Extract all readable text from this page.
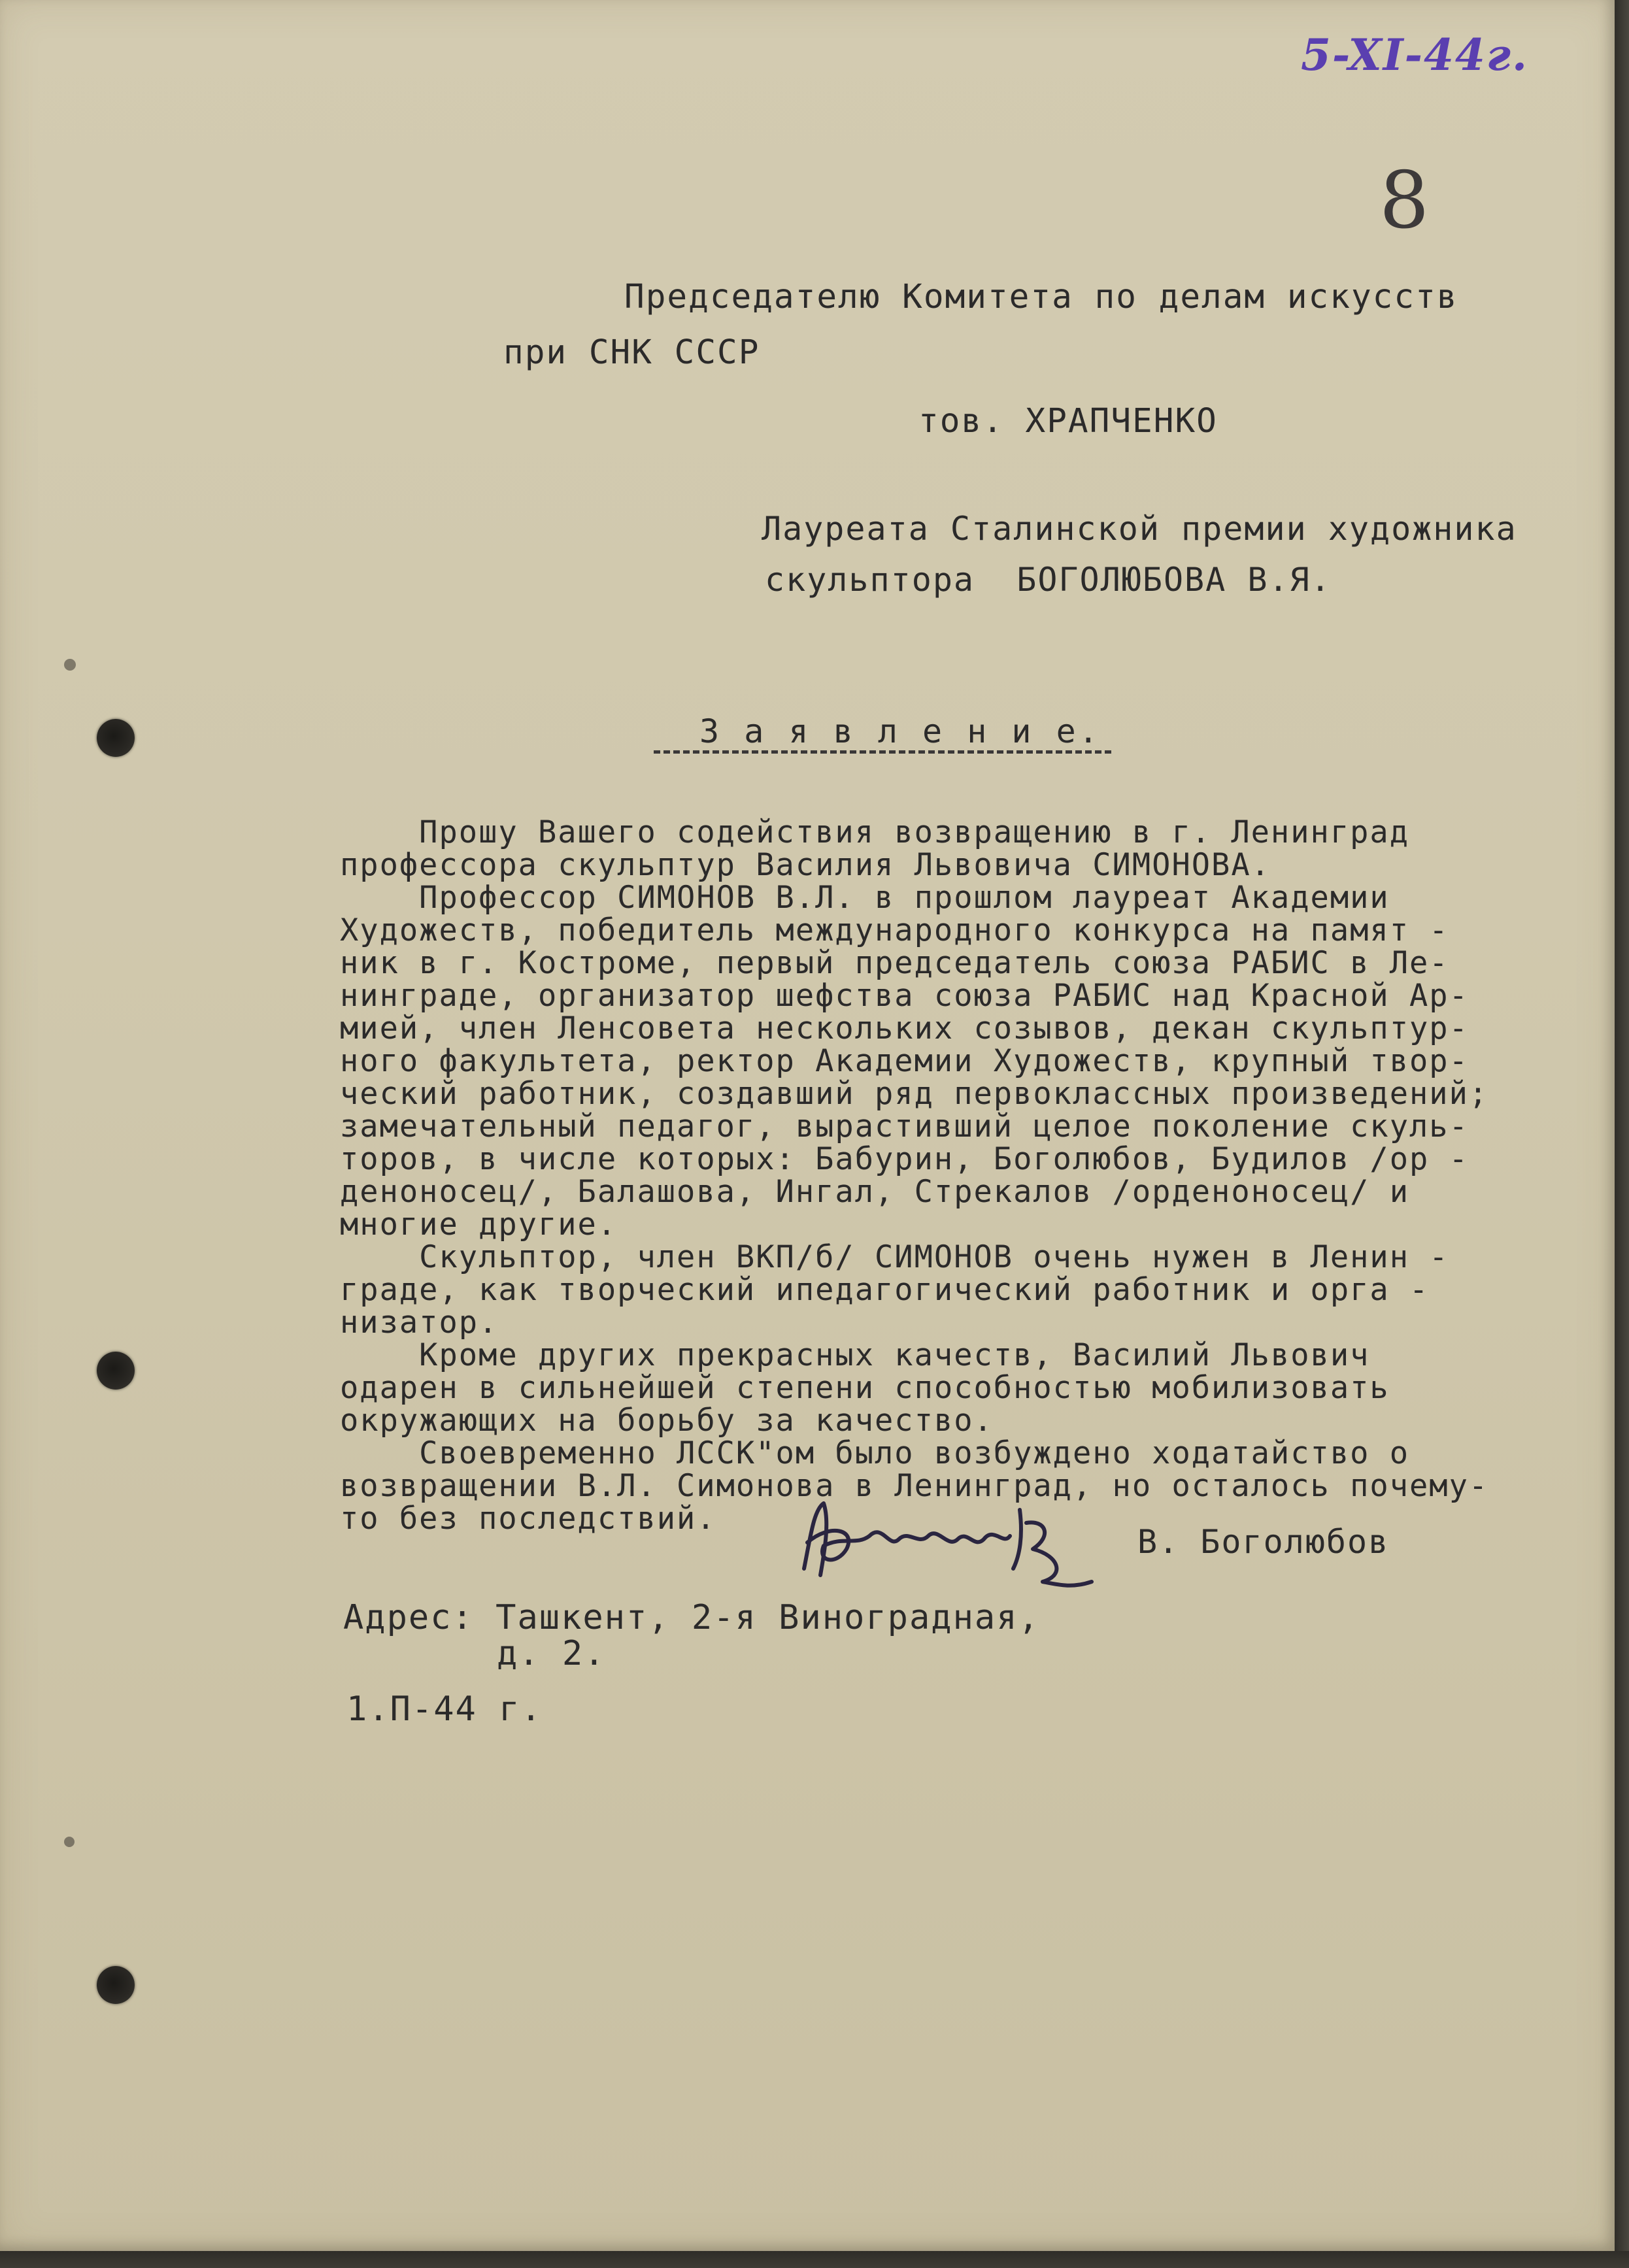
5-XI-44г.
8
Председателю Комитета по делам искусств
при СНК СССР
тов. ХРАПЧЕНКО
Лауреата Сталинской премии художника
скульптора  БОГОЛЮБОВА В.Я.
З а я в л е н и е.
Прошу Вашего содействия возвращению в г. Ленинград
профессора скульптур Василия Львовича СИМОНОВА.
Профессор СИМОНОВ В.Л. в прошлом лауреат Академии
Художеств, победитель международного конкурса на памят -
ник в г. Костроме, первый председатель союза РАБИС в Ле-
нинграде, организатор шефства союза РАБИС над Красной Ар-
мией, член Ленсовета нескольких созывов, декан скульптур-
ного факультета, ректор Академии Художеств, крупный твор-
ческий работник, создавший ряд первоклассных произведений;
замечательный педагог, вырастивший целое поколение скуль-
торов, в числе которых: Бабурин, Боголюбов, Будилов /ор -
деноносец/, Балашова, Ингал, Стрекалов /орденоносец/ и
многие другие.
Скульптор, член ВКП/б/ СИМОНОВ очень нужен в Ленин -
граде, как творческий ипедагогический работник и орга -
низатор.
Кроме других прекрасных качеств, Василий Львович
одарен в сильнейшей степени способностью мобилизовать
окружающих на борьбу за качество.
Своевременно ЛССК"ом было возбуждено ходатайство о
возвращении В.Л. Симонова в Ленинград, но осталось почему-
то без последствий.
В. Боголюбов
Адрес: Ташкент, 2-я Виноградная,
д. 2.
1.П-44 г.
